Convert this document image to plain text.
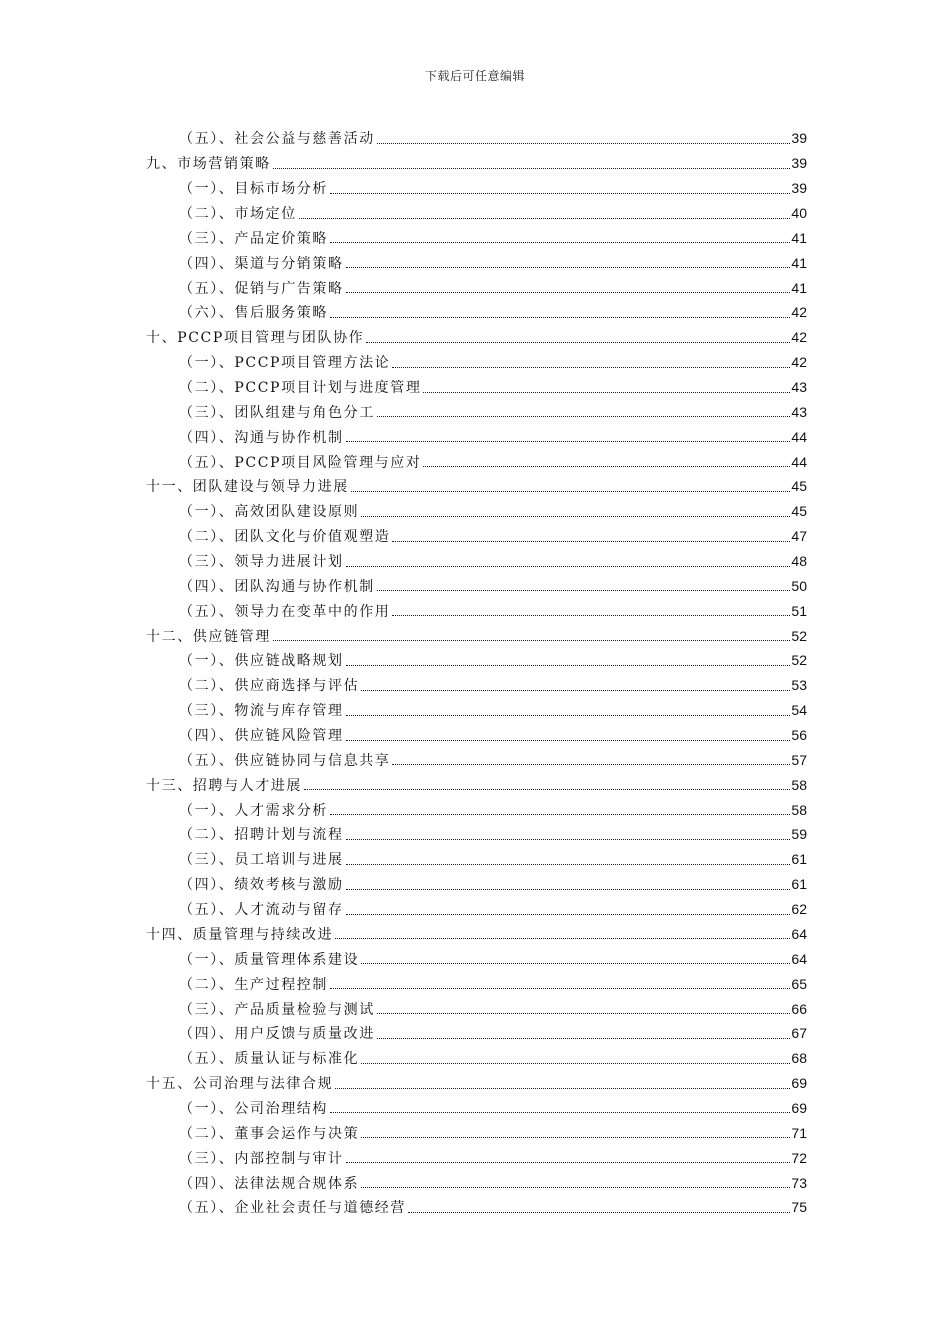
下载后可任意编辑
（五）、社会公益与慈善活动	39
九、市场营销策略	39
（一）、目标市场分析	39
（二）、市场定位	40
（三）、产品定价策略	41
（四）、渠道与分销策略	41
（五）、促销与广告策略	41
（六）、售后服务策略	42
十、PCCP项目管理与团队协作	42
（一）、PCCP项目管理方法论	42
（二）、PCCP项目计划与进度管理	43
（三）、团队组建与角色分工	43
（四）、沟通与协作机制	44
（五）、PCCP项目风险管理与应对	44
十一、团队建设与领导力进展	45
（一）、高效团队建设原则	45
（二）、团队文化与价值观塑造	47
（三）、领导力进展计划	48
（四）、团队沟通与协作机制	50
（五）、领导力在变革中的作用	51
十二、供应链管理	52
（一）、供应链战略规划	52
（二）、供应商选择与评估	53
（三）、物流与库存管理	54
（四）、供应链风险管理	56
（五）、供应链协同与信息共享	57
十三、招聘与人才进展	58
（一）、人才需求分析	58
（二）、招聘计划与流程	59
（三）、员工培训与进展	61
（四）、绩效考核与激励	61
（五）、人才流动与留存	62
十四、质量管理与持续改进	64
（一）、质量管理体系建设	64
（二）、生产过程控制	65
（三）、产品质量检验与测试	66
（四）、用户反馈与质量改进	67
（五）、质量认证与标准化	68
十五、公司治理与法律合规	69
（一）、公司治理结构	69
（二）、董事会运作与决策	71
（三）、内部控制与审计	72
（四）、法律法规合规体系	73
（五）、企业社会责任与道德经营	75
